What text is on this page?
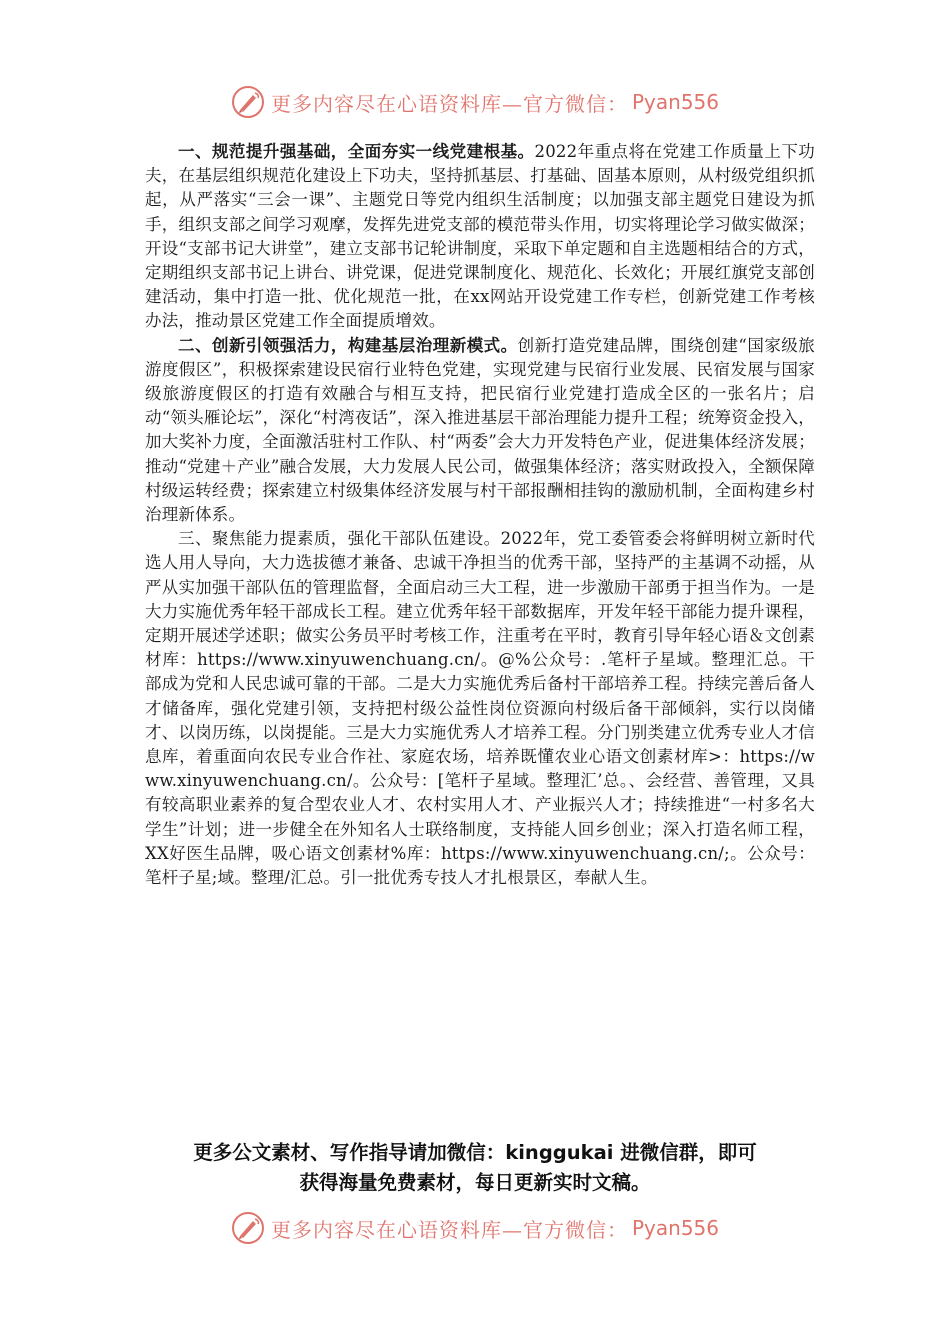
更多内容尽在心语资料库—官方微信： Pyan556

一、规范提升强基础，全面夯实一线党建根基。2022年重点将在党建工作质量上下功夫，在基层组织规范化建设上下功夫，坚持抓基层、打基础、固基本原则，从村级党组织抓起，从严落实“三会一课”、主题党日等党内组织生活制度；以加强支部主题党日建设为抓手，组织支部之间学习观摩，发挥先进党支部的模范带头作用，切实将理论学习做实做深；开设“支部书记大讲堂”，建立支部书记轮讲制度，采取下单定题和自主选题相结合的方式，定期组织支部书记上讲台、讲党课，促进党课制度化、规范化、长效化；开展红旗党支部创建活动，集中打造一批、优化规范一批，在xx网站开设党建工作专栏，创新党建工作考核办法，推动景区党建工作全面提质增效。

二、创新引领强活力，构建基层治理新模式。创新打造党建品牌，围绕创建“国家级旅游度假区”，积极探索建设民宿行业特色党建，实现党建与民宿行业发展、民宿发展与国家级旅游度假区的打造有效融合与相互支持，把民宿行业党建打造成全区的一张名片；启动“领头雁论坛”，深化“村湾夜话”，深入推进基层干部治理能力提升工程；统筹资金投入，加大奖补力度，全面激活驻村工作队、村“两委”会大力开发特色产业，促进集体经济发展；推动“党建＋产业”融合发展，大力发展人民公司，做强集体经济；落实财政投入，全额保障村级运转经费；探索建立村级集体经济发展与村干部报酬相挂钩的激励机制，全面构建乡村治理新体系。

三、聚焦能力提素质，强化干部队伍建设。2022年，党工委管委会将鲜明树立新时代选人用人导向，大力选拔德才兼备、忠诚干净担当的优秀干部，坚持严的主基调不动摇，从严从实加强干部队伍的管理监督，全面启动三大工程，进一步激励干部勇于担当作为。一是大力实施优秀年轻干部成长工程。建立优秀年轻干部数据库，开发年轻干部能力提升课程，定期开展述学述职；做实公务员平时考核工作，注重考在平时，教育引导年轻心语＆文创素材库：https://www.xinyuwenchuang.cn/。@%公众号：.笔杆子星域。整理汇总。干部成为党和人民忠诚可靠的干部。二是大力实施优秀后备村干部培养工程。持续完善后备人才储备库，强化党建引领，支持把村级公益性岗位资源向村级后备干部倾斜，实行以岗储才、以岗历练，以岗提能。三是大力实施优秀人才培养工程。分门别类建立优秀专业人才信息库，着重面向农民专业合作社、家庭农场，培养既懂农业心语文创素材库>：https://www.xinyuwenchuang.cn/。公众号：[笔杆子星域。整理汇’总。、会经营、善管理，又具有较高职业素养的复合型农业人才、农村实用人才、产业振兴人才；持续推进“一村多名大学生”计划；进一步健全在外知名人士联络制度，支持能人回乡创业；深入打造名师工程，XX好医生品牌，吸心语文创素材%库：https://www.xinyuwenchuang.cn/;。公众号：笔杆子星;域。整理/汇总。引一批优秀专技人才扎根景区，奉献人生。

更多公文素材、写作指导请加微信：kinggukai 进微信群，即可
获得海量免费素材，每日更新实时文稿。
更多内容尽在心语资料库—官方微信： Pyan556
